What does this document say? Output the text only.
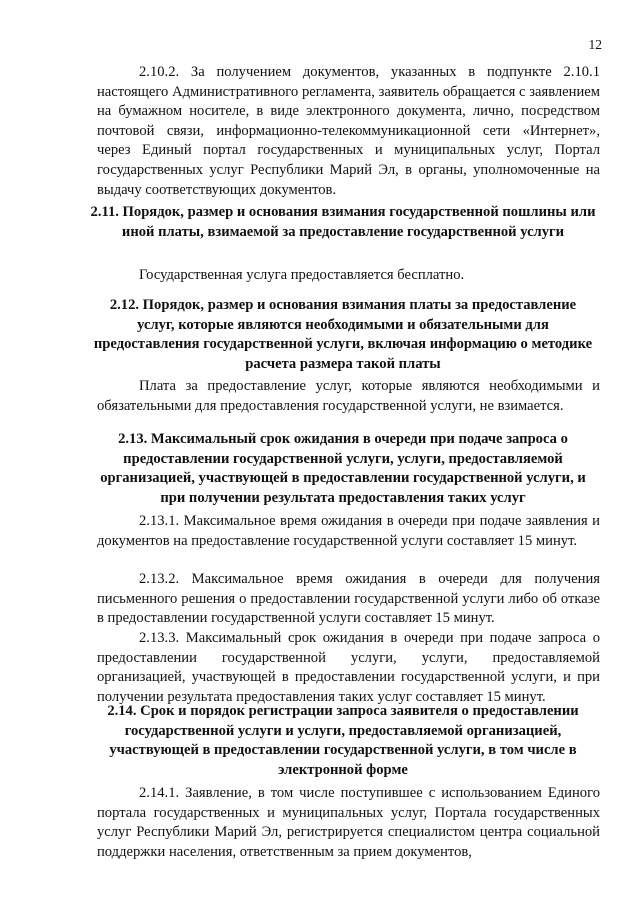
12
2.10.2. За получением документов, указанных в подпункте 2.10.1 настоящего Административного регламента, заявитель обращается с заявлением на бумажном носителе, в виде электронного документа, лично, посредством почтовой связи, информационно-телекоммуникационной сети «Интернет», через Единый портал государственных и муниципальных услуг, Портал государственных услуг Республики Марий Эл, в органы, уполномоченные на выдачу соответствующих документов.
2.11. Порядок, размер и основания взимания государственной пошлины или иной платы, взимаемой за предоставление государственной услуги
Государственная услуга предоставляется бесплатно.
2.12. Порядок, размер и основания взимания платы за предоставление услуг, которые являются необходимыми и обязательными для предоставления государственной услуги, включая информацию о методике расчета размера такой платы
Плата за предоставление услуг, которые являются необходимыми и обязательными для предоставления государственной услуги, не взимается.
2.13. Максимальный срок ожидания в очереди при подаче запроса о предоставлении государственной услуги, услуги, предоставляемой организацией, участвующей в предоставлении государственной услуги, и при получении результата предоставления таких услуг
2.13.1. Максимальное время ожидания в очереди при подаче заявления и документов на предоставление государственной услуги составляет 15 минут.
2.13.2. Максимальное время ожидания в очереди для получения письменного решения о предоставлении государственной услуги либо об отказе в предоставлении государственной услуги составляет 15 минут.
2.13.3. Максимальный срок ожидания в очереди при подаче запроса о предоставлении государственной услуги, услуги, предоставляемой организацией, участвующей в предоставлении государственной услуги, и при получении результата предоставления таких услуг составляет 15 минут.
2.14. Срок и порядок регистрации запроса заявителя о предоставлении государственной услуги и услуги, предоставляемой организацией, участвующей в предоставлении государственной услуги, в том числе в электронной форме
2.14.1. Заявление, в том числе поступившее с использованием Единого портала государственных и муниципальных услуг, Портала государственных услуг Республики Марий Эл, регистрируется специалистом центра социальной поддержки населения, ответственным за прием документов,
